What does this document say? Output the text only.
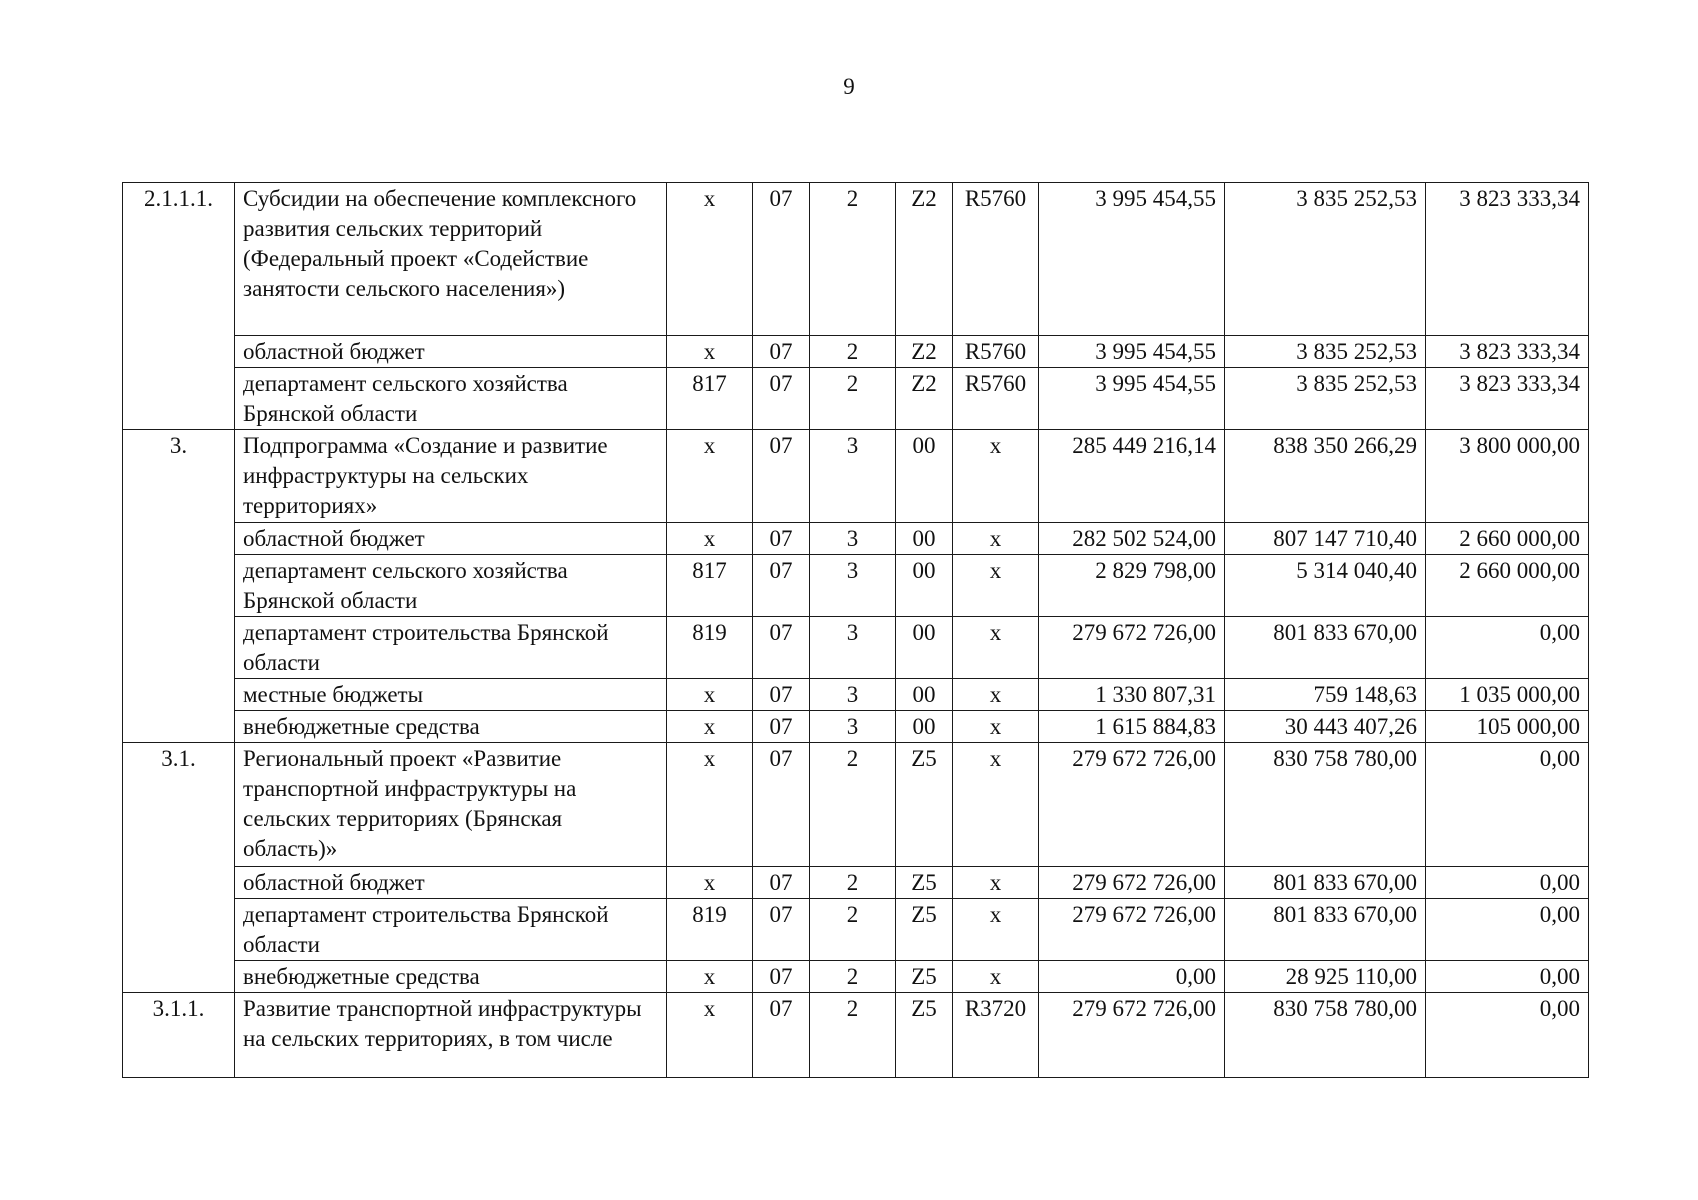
9
2.1.1.1.	Субсидии на обеспечение комплексного развития сельских территорий (Федеральный проект «Содействие занятости сельского населения»)	x	07	2	Z2	R5760	3 995 454,55	3 835 252,53	3 823 333,34
	областной бюджет	x	07	2	Z2	R5760	3 995 454,55	3 835 252,53	3 823 333,34
	департамент сельского хозяйства Брянской области	817	07	2	Z2	R5760	3 995 454,55	3 835 252,53	3 823 333,34
3.	Подпрограмма «Создание и развитие инфраструктуры на сельских территориях»	x	07	3	00	x	285 449 216,14	838 350 266,29	3 800 000,00
	областной бюджет	x	07	3	00	x	282 502 524,00	807 147 710,40	2 660 000,00
	департамент сельского хозяйства Брянской области	817	07	3	00	x	2 829 798,00	5 314 040,40	2 660 000,00
	департамент строительства Брянской области	819	07	3	00	x	279 672 726,00	801 833 670,00	0,00
	местные бюджеты	x	07	3	00	x	1 330 807,31	759 148,63	1 035 000,00
	внебюджетные средства	x	07	3	00	x	1 615 884,83	30 443 407,26	105 000,00
3.1.	Региональный проект «Развитие транспортной инфраструктуры на сельских территориях (Брянская область)»	x	07	2	Z5	x	279 672 726,00	830 758 780,00	0,00
	областной бюджет	x	07	2	Z5	x	279 672 726,00	801 833 670,00	0,00
	департамент строительства Брянской области	819	07	2	Z5	x	279 672 726,00	801 833 670,00	0,00
	внебюджетные средства	x	07	2	Z5	x	0,00	28 925 110,00	0,00
3.1.1.	Развитие транспортной инфраструктуры на сельских территориях, в том числе	x	07	2	Z5	R3720	279 672 726,00	830 758 780,00	0,00
